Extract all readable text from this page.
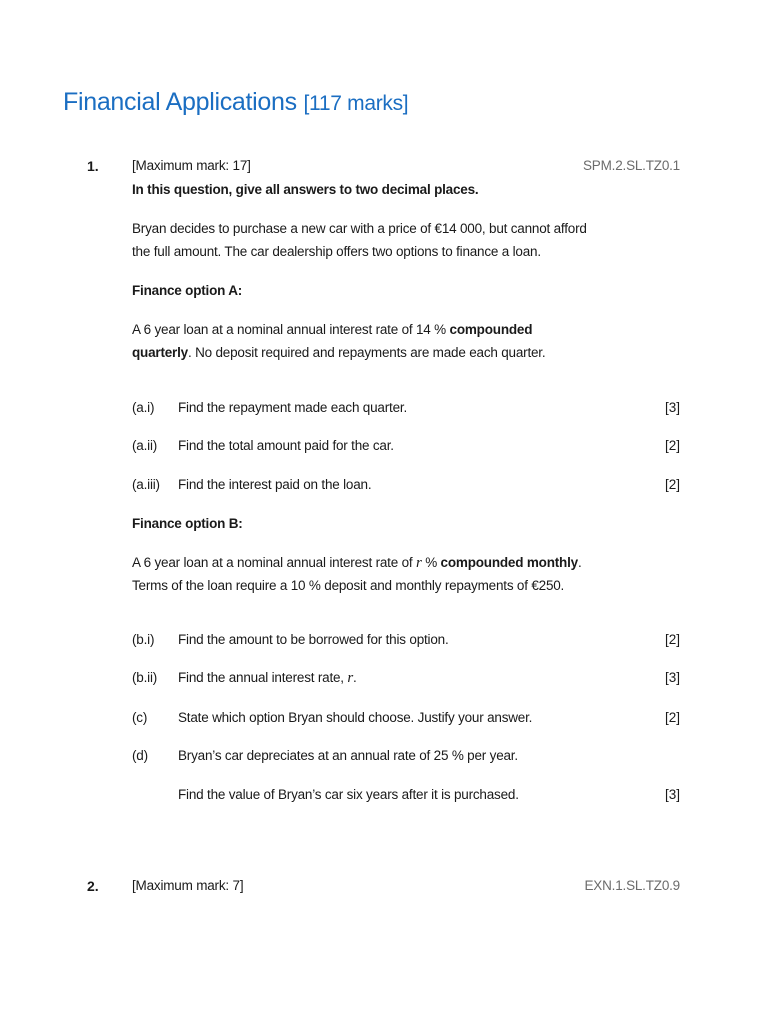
Financial Applications [117 marks]
1. [Maximum mark: 17]	SPM.2.SL.TZ0.1
In this question, give all answers to two decimal places.
Bryan decides to purchase a new car with a price of €14 000, but cannot afford
the full amount. The car dealership offers two options to finance a loan.
Finance option A:
A 6 year loan at a nominal annual interest rate of 14 % compounded
quarterly. No deposit required and repayments are made each quarter.
(a.i) Find the repayment made each quarter.	[3]
(a.ii) Find the total amount paid for the car.	[2]
(a.iii) Find the interest paid on the loan.	[2]
Finance option B:
A 6 year loan at a nominal annual interest rate of r % compounded monthly.
Terms of the loan require a 10 % deposit and monthly repayments of €250.
(b.i) Find the amount to be borrowed for this option.	[2]
(b.ii) Find the annual interest rate, r.	[3]
(c) State which option Bryan should choose. Justify your answer.	[2]
(d) Bryan’s car depreciates at an annual rate of 25 % per year.
Find the value of Bryan’s car six years after it is purchased.	[3]
2. [Maximum mark: 7]	EXN.1.SL.TZ0.9
